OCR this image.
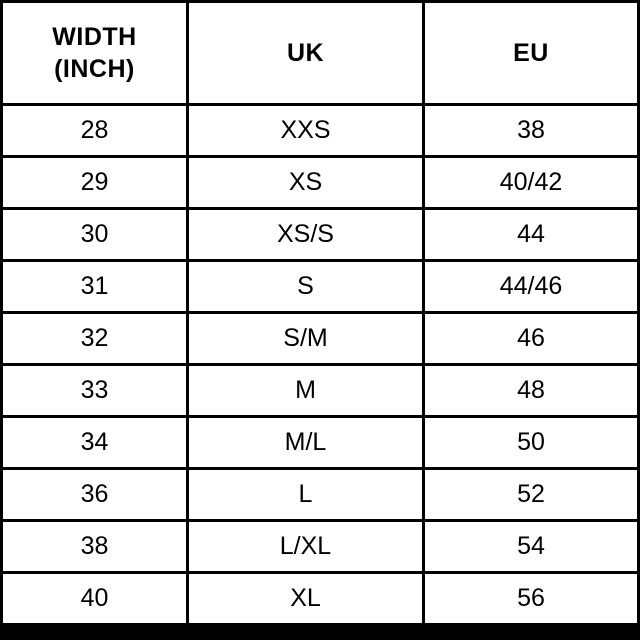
WIDTH
(INCH)	UK	EU
28	XXS	38
29	XS	40/42
30	XS/S	44
31	S	44/46
32	S/M	46
33	M	48
34	M/L	50
36	L	52
38	L/XL	54
40	XL	56
